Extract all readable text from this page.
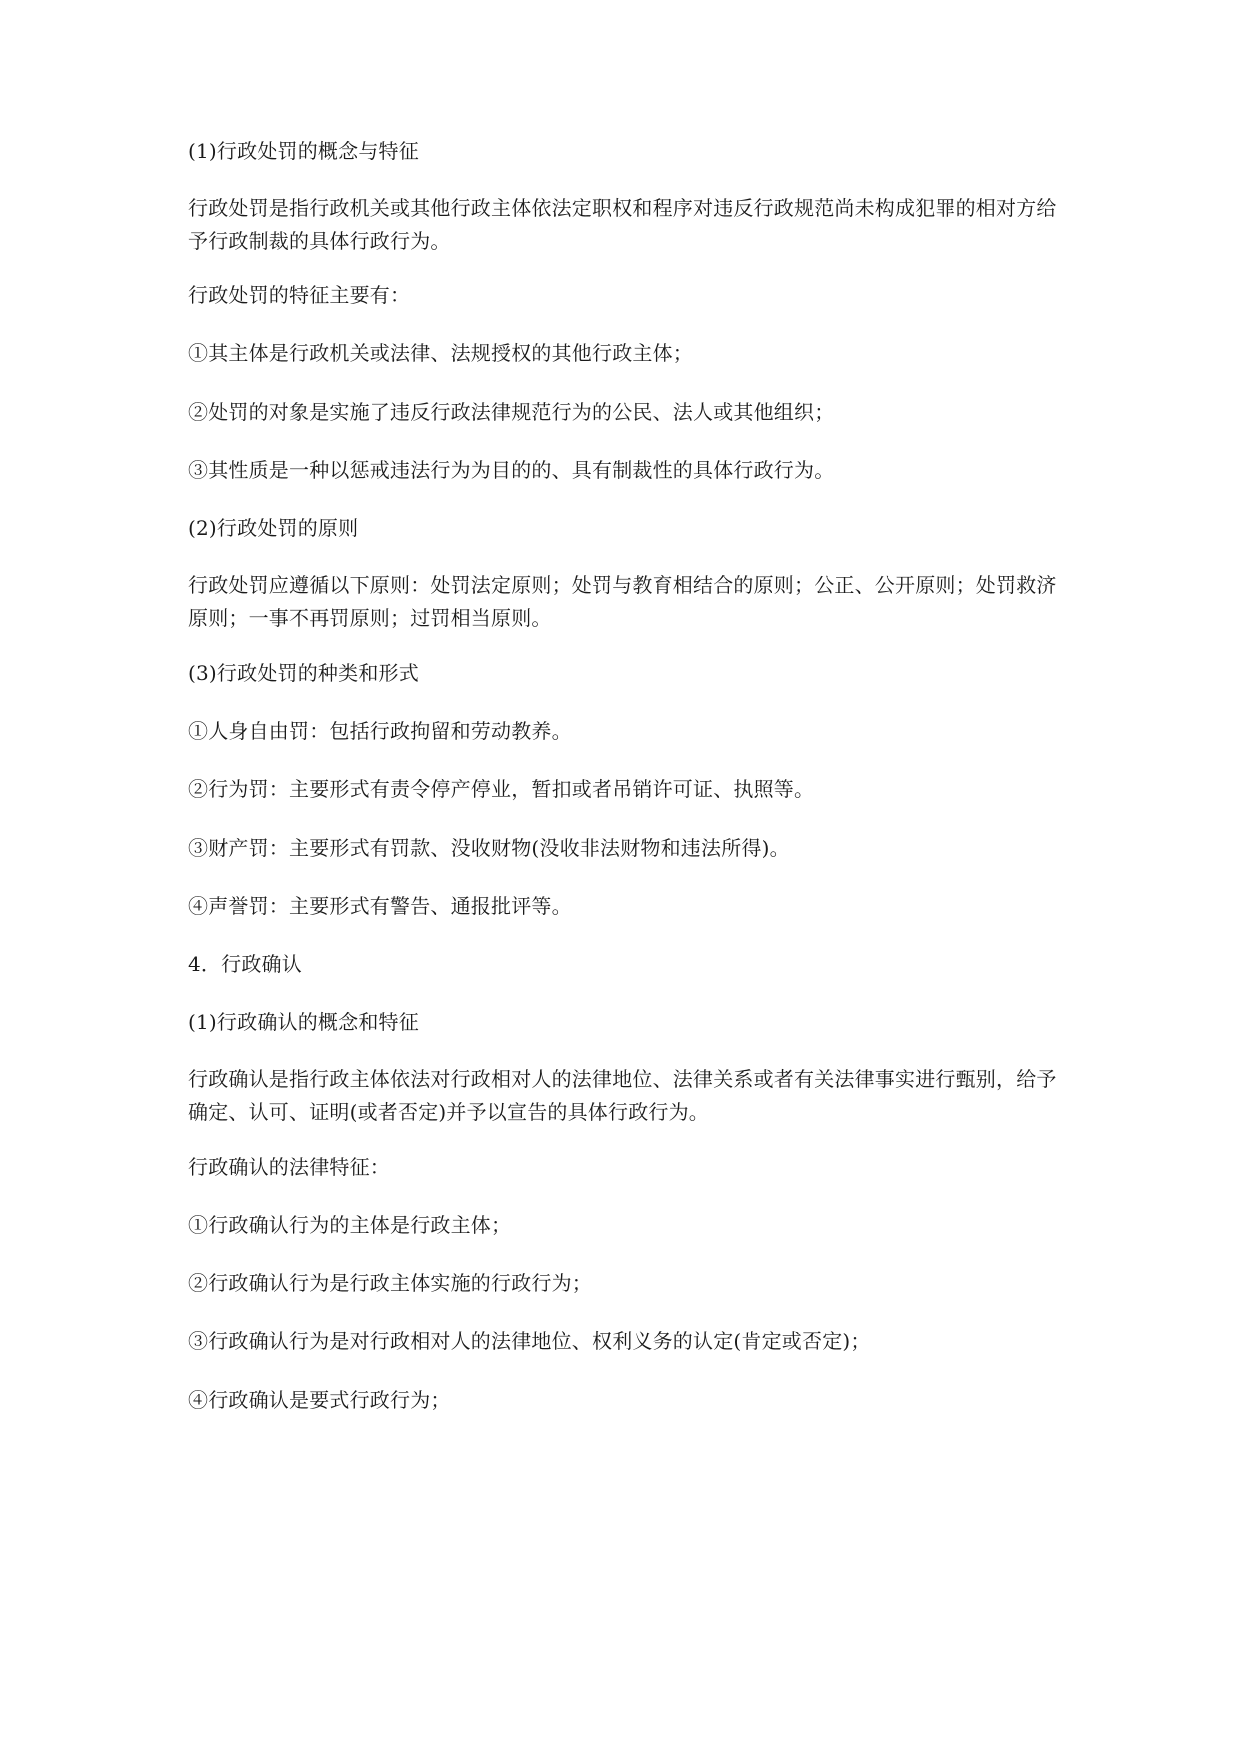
(1)行政处罚的概念与特征

行政处罚是指行政机关或其他行政主体依法定职权和程序对违反行政规范尚未构成犯罪的相对方给予行政制裁的具体行政行为。

行政处罚的特征主要有：

①其主体是行政机关或法律、法规授权的其他行政主体；

②处罚的对象是实施了违反行政法律规范行为的公民、法人或其他组织；

③其性质是一种以惩戒违法行为为目的的、具有制裁性的具体行政行为。

(2)行政处罚的原则

行政处罚应遵循以下原则：处罚法定原则；处罚与教育相结合的原则；公正、公开原则；处罚救济原则；一事不再罚原则；过罚相当原则。

(3)行政处罚的种类和形式

①人身自由罚：包括行政拘留和劳动教养。

②行为罚：主要形式有责令停产停业，暂扣或者吊销许可证、执照等。

③财产罚：主要形式有罚款、没收财物(没收非法财物和违法所得)。

④声誉罚：主要形式有警告、通报批评等。

4．行政确认

(1)行政确认的概念和特征

行政确认是指行政主体依法对行政相对人的法律地位、法律关系或者有关法律事实进行甄别，给予确定、认可、证明(或者否定)并予以宣告的具体行政行为。

行政确认的法律特征：

①行政确认行为的主体是行政主体；

②行政确认行为是行政主体实施的行政行为；

③行政确认行为是对行政相对人的法律地位、权利义务的认定(肯定或否定)；

④行政确认是要式行政行为；
